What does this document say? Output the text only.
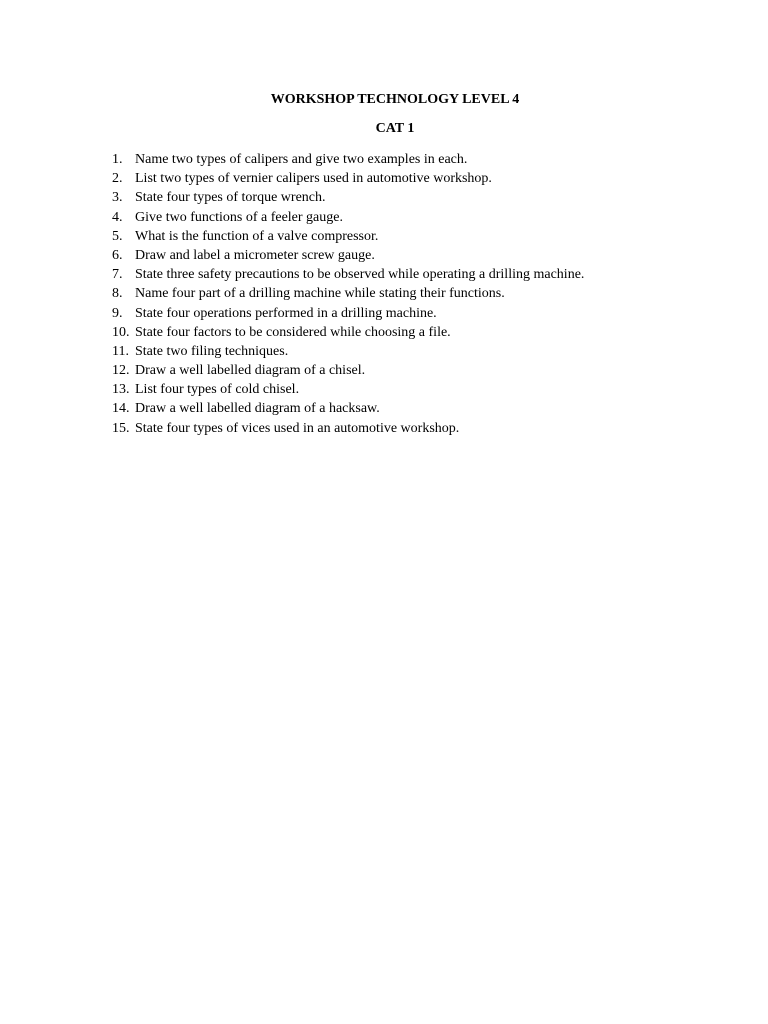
WORKSHOP TECHNOLOGY LEVEL 4
CAT 1
1. Name two types of calipers and give two examples in each.
2. List two types of vernier calipers used in automotive workshop.
3. State four types of torque wrench.
4. Give two functions of a feeler gauge.
5. What is the function of a valve compressor.
6. Draw and label a micrometer screw gauge.
7. State three safety precautions to be observed while operating a drilling machine.
8. Name four part of a drilling machine while stating their functions.
9. State four operations performed in a drilling machine.
10. State four factors to be considered while choosing a file.
11. State two filing techniques.
12. Draw a well labelled diagram of a chisel.
13. List four types of cold chisel.
14. Draw a well labelled diagram of a hacksaw.
15. State four types of vices used in an automotive workshop.
